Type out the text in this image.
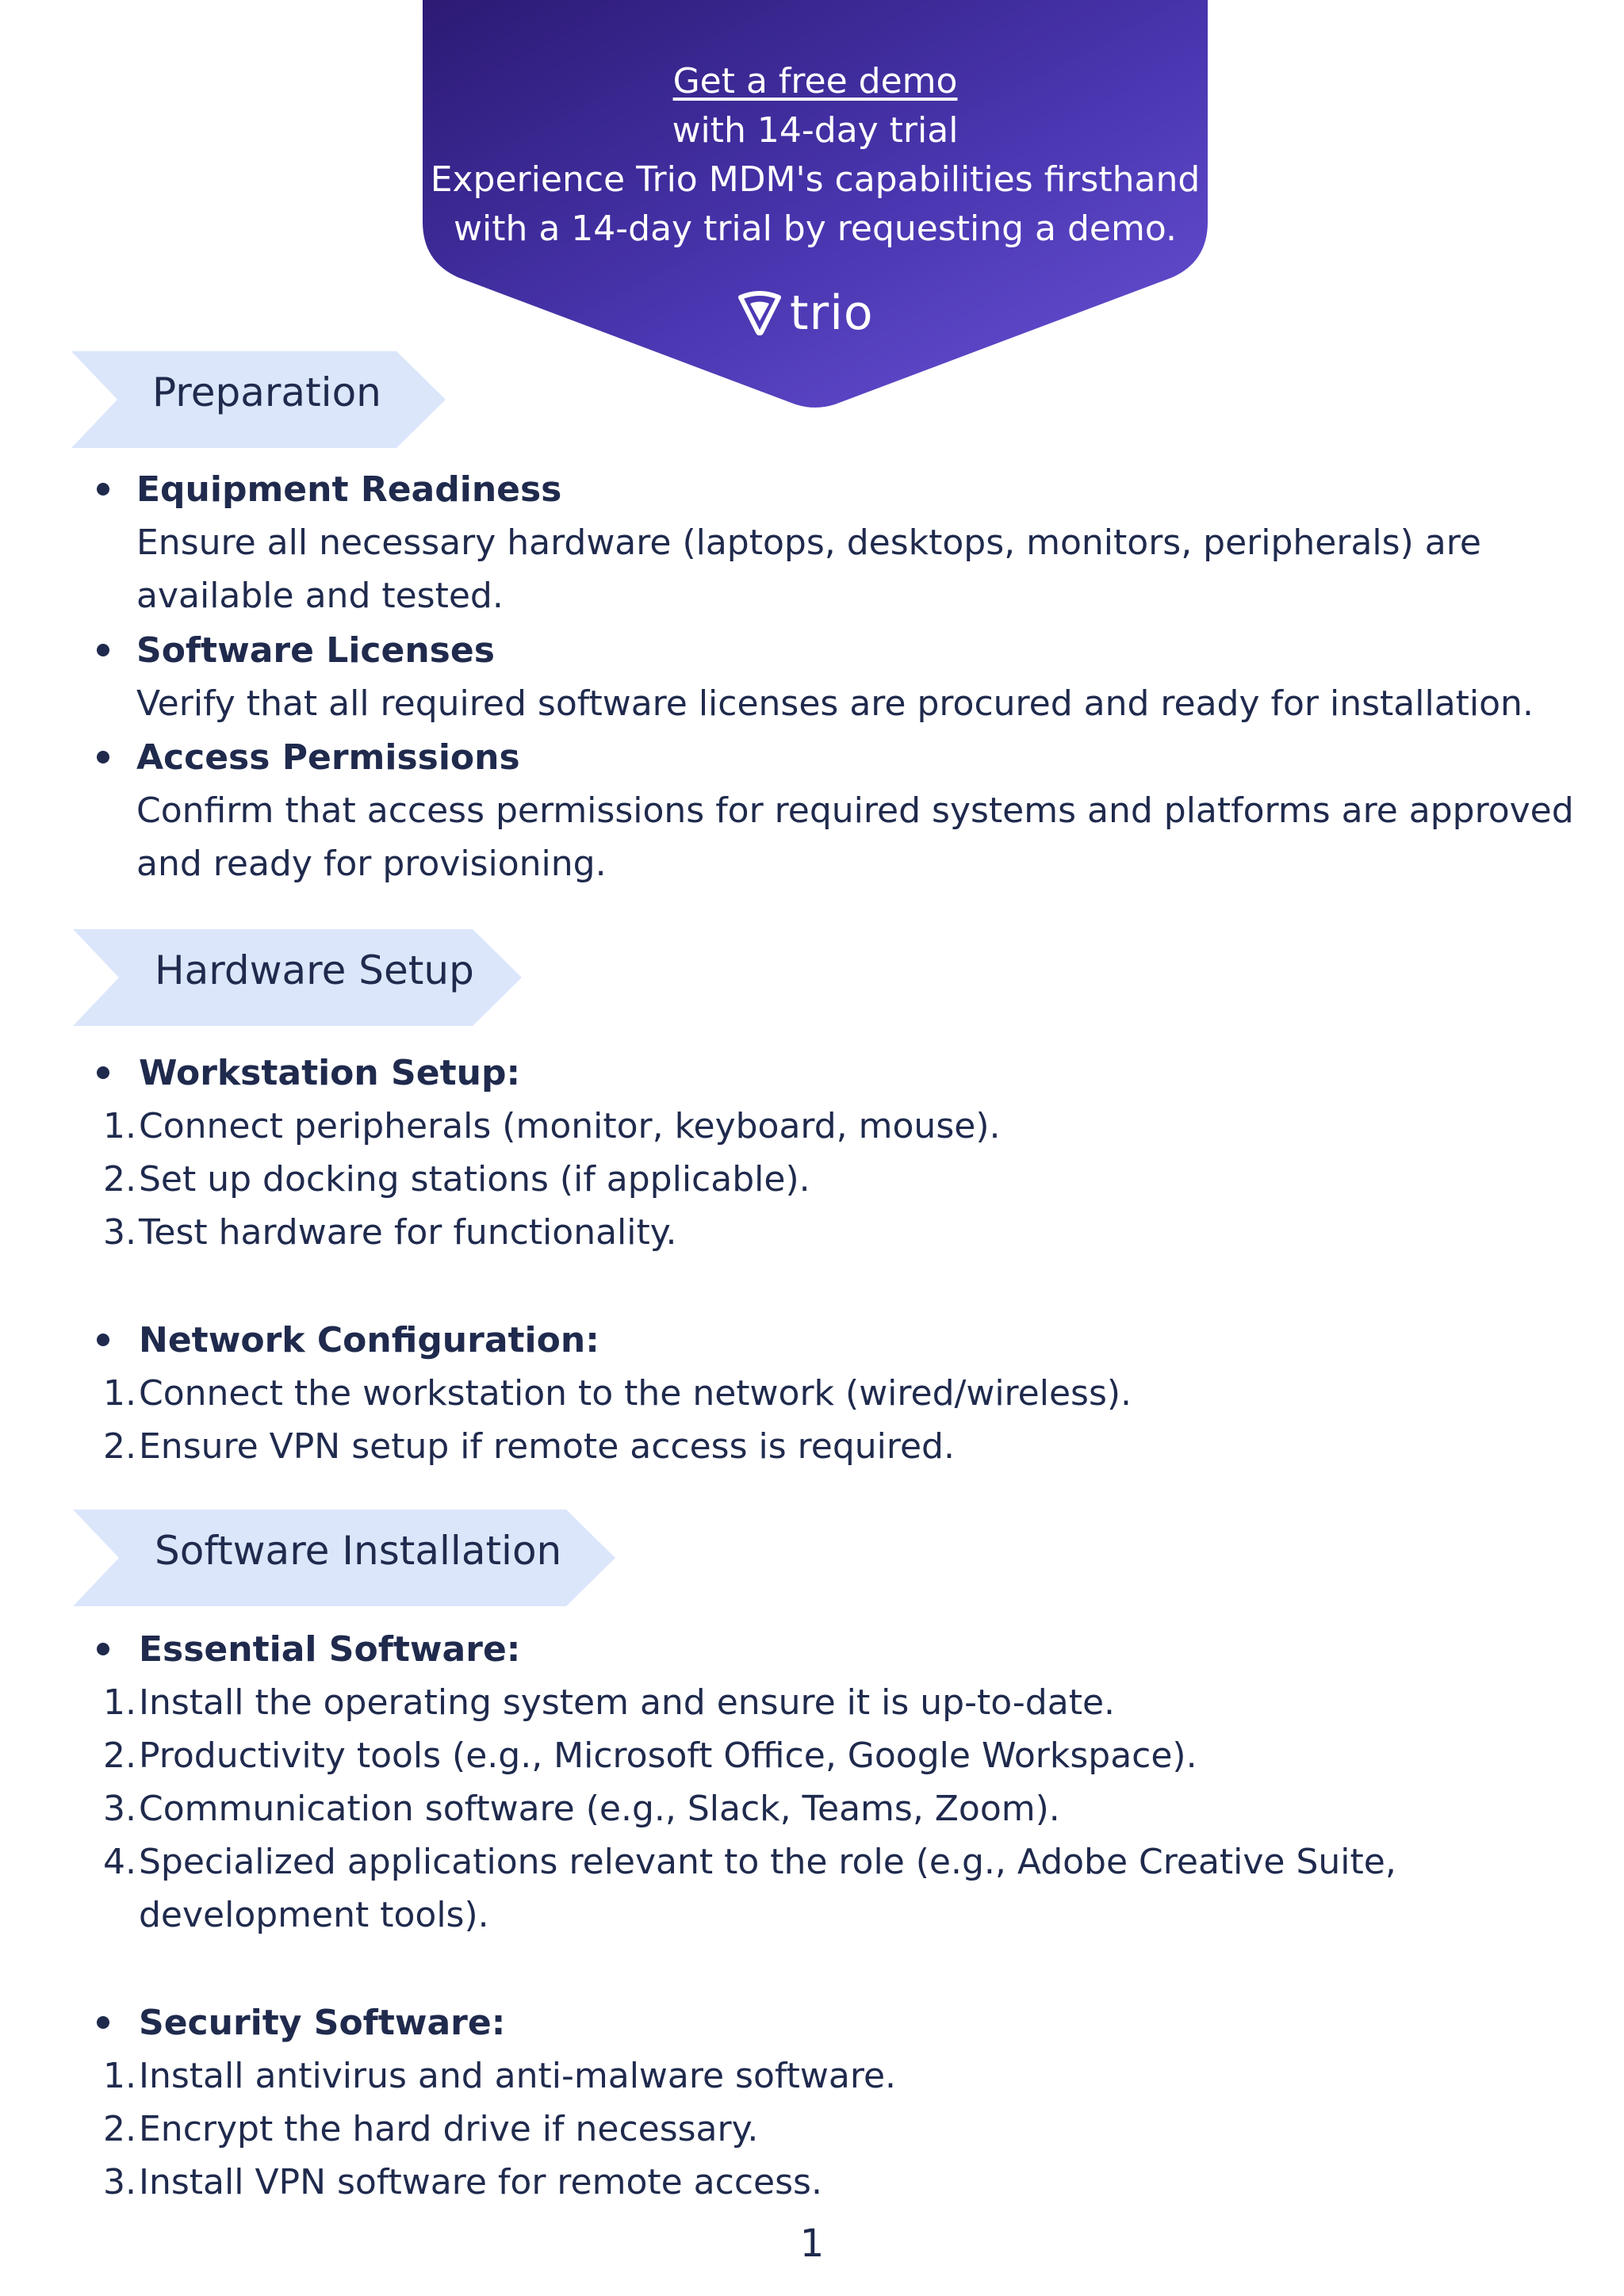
Get a free demo
with 14-day trial
Experience Trio MDM's capabilities firsthand
with a 14-day trial by requesting a demo.
trio
Preparation
Equipment Readiness
Ensure all necessary hardware (laptops, desktops, monitors, peripherals) are
available and tested.
Software Licenses
Verify that all required software licenses are procured and ready for installation.
Access Permissions
Confirm that access permissions for required systems and platforms are approved
and ready for provisioning.
Hardware Setup
Workstation Setup:
1. Connect peripherals (monitor, keyboard, mouse).
2. Set up docking stations (if applicable).
3. Test hardware for functionality.
Network Configuration:
1. Connect the workstation to the network (wired/wireless).
2. Ensure VPN setup if remote access is required.
Software Installation
Essential Software:
1. Install the operating system and ensure it is up-to-date.
2. Productivity tools (e.g., Microsoft Office, Google Workspace).
3. Communication software (e.g., Slack, Teams, Zoom).
4. Specialized applications relevant to the role (e.g., Adobe Creative Suite,
development tools).
Security Software:
1. Install antivirus and anti-malware software.
2. Encrypt the hard drive if necessary.
3. Install VPN software for remote access.
1
